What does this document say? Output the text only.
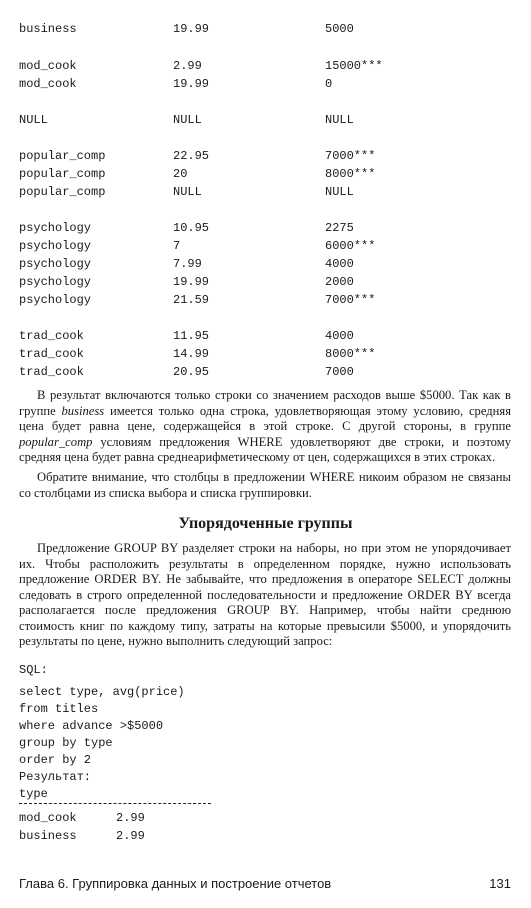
business	19.99	5000
mod_cook	2.99	15000***
mod_cook	19.99	0
NULL	NULL	NULL
popular_comp	22.95	7000***
popular_comp	20	8000***
popular_comp	NULL	NULL
psychology	10.95	2275
psychology	7	6000***
psychology	7.99	4000
psychology	19.99	2000
psychology	21.59	7000***
trad_cook	11.95	4000
trad_cook	14.99	8000***
trad_cook	20.95	7000

В результат включаются только строки со значением расходов выше $5000. Так как в группе business имеется только одна строка, удовлетворяющая этому условию, средняя цена будет равна цене, содержащейся в этой строке. С другой стороны, в группе popular_comp условиям предложения WHERE удовлетворяют две строки, и поэтому средняя цена будет равна среднеарифметическому от цен, содержащихся в этих строках.

Обратите внимание, что столбцы в предложении WHERE никоим образом не связаны со столбцами из списка выбора и списка группировки.

Упорядоченные группы

Предложение GROUP BY разделяет строки на наборы, но при этом не упорядочивает их. Чтобы расположить результаты в определенном порядке, нужно использовать предложение ORDER BY. Не забывайте, что предложения в операторе SELECT должны следовать в строго определенной последовательности и предложение ORDER BY всегда располагается после предложения GROUP BY. Например, чтобы найти среднюю стоимость книг по каждому типу, затраты на которые превысили $5000, и упорядочить результаты по цене, нужно выполнить следующий запрос:

SQL:
select type, avg(price)
from titles
where advance >$5000
group by type
order by 2
Результат:
type
mod_cook	2.99
business	2.99
Глава 6. Группировка данных и построение отчетов	131
